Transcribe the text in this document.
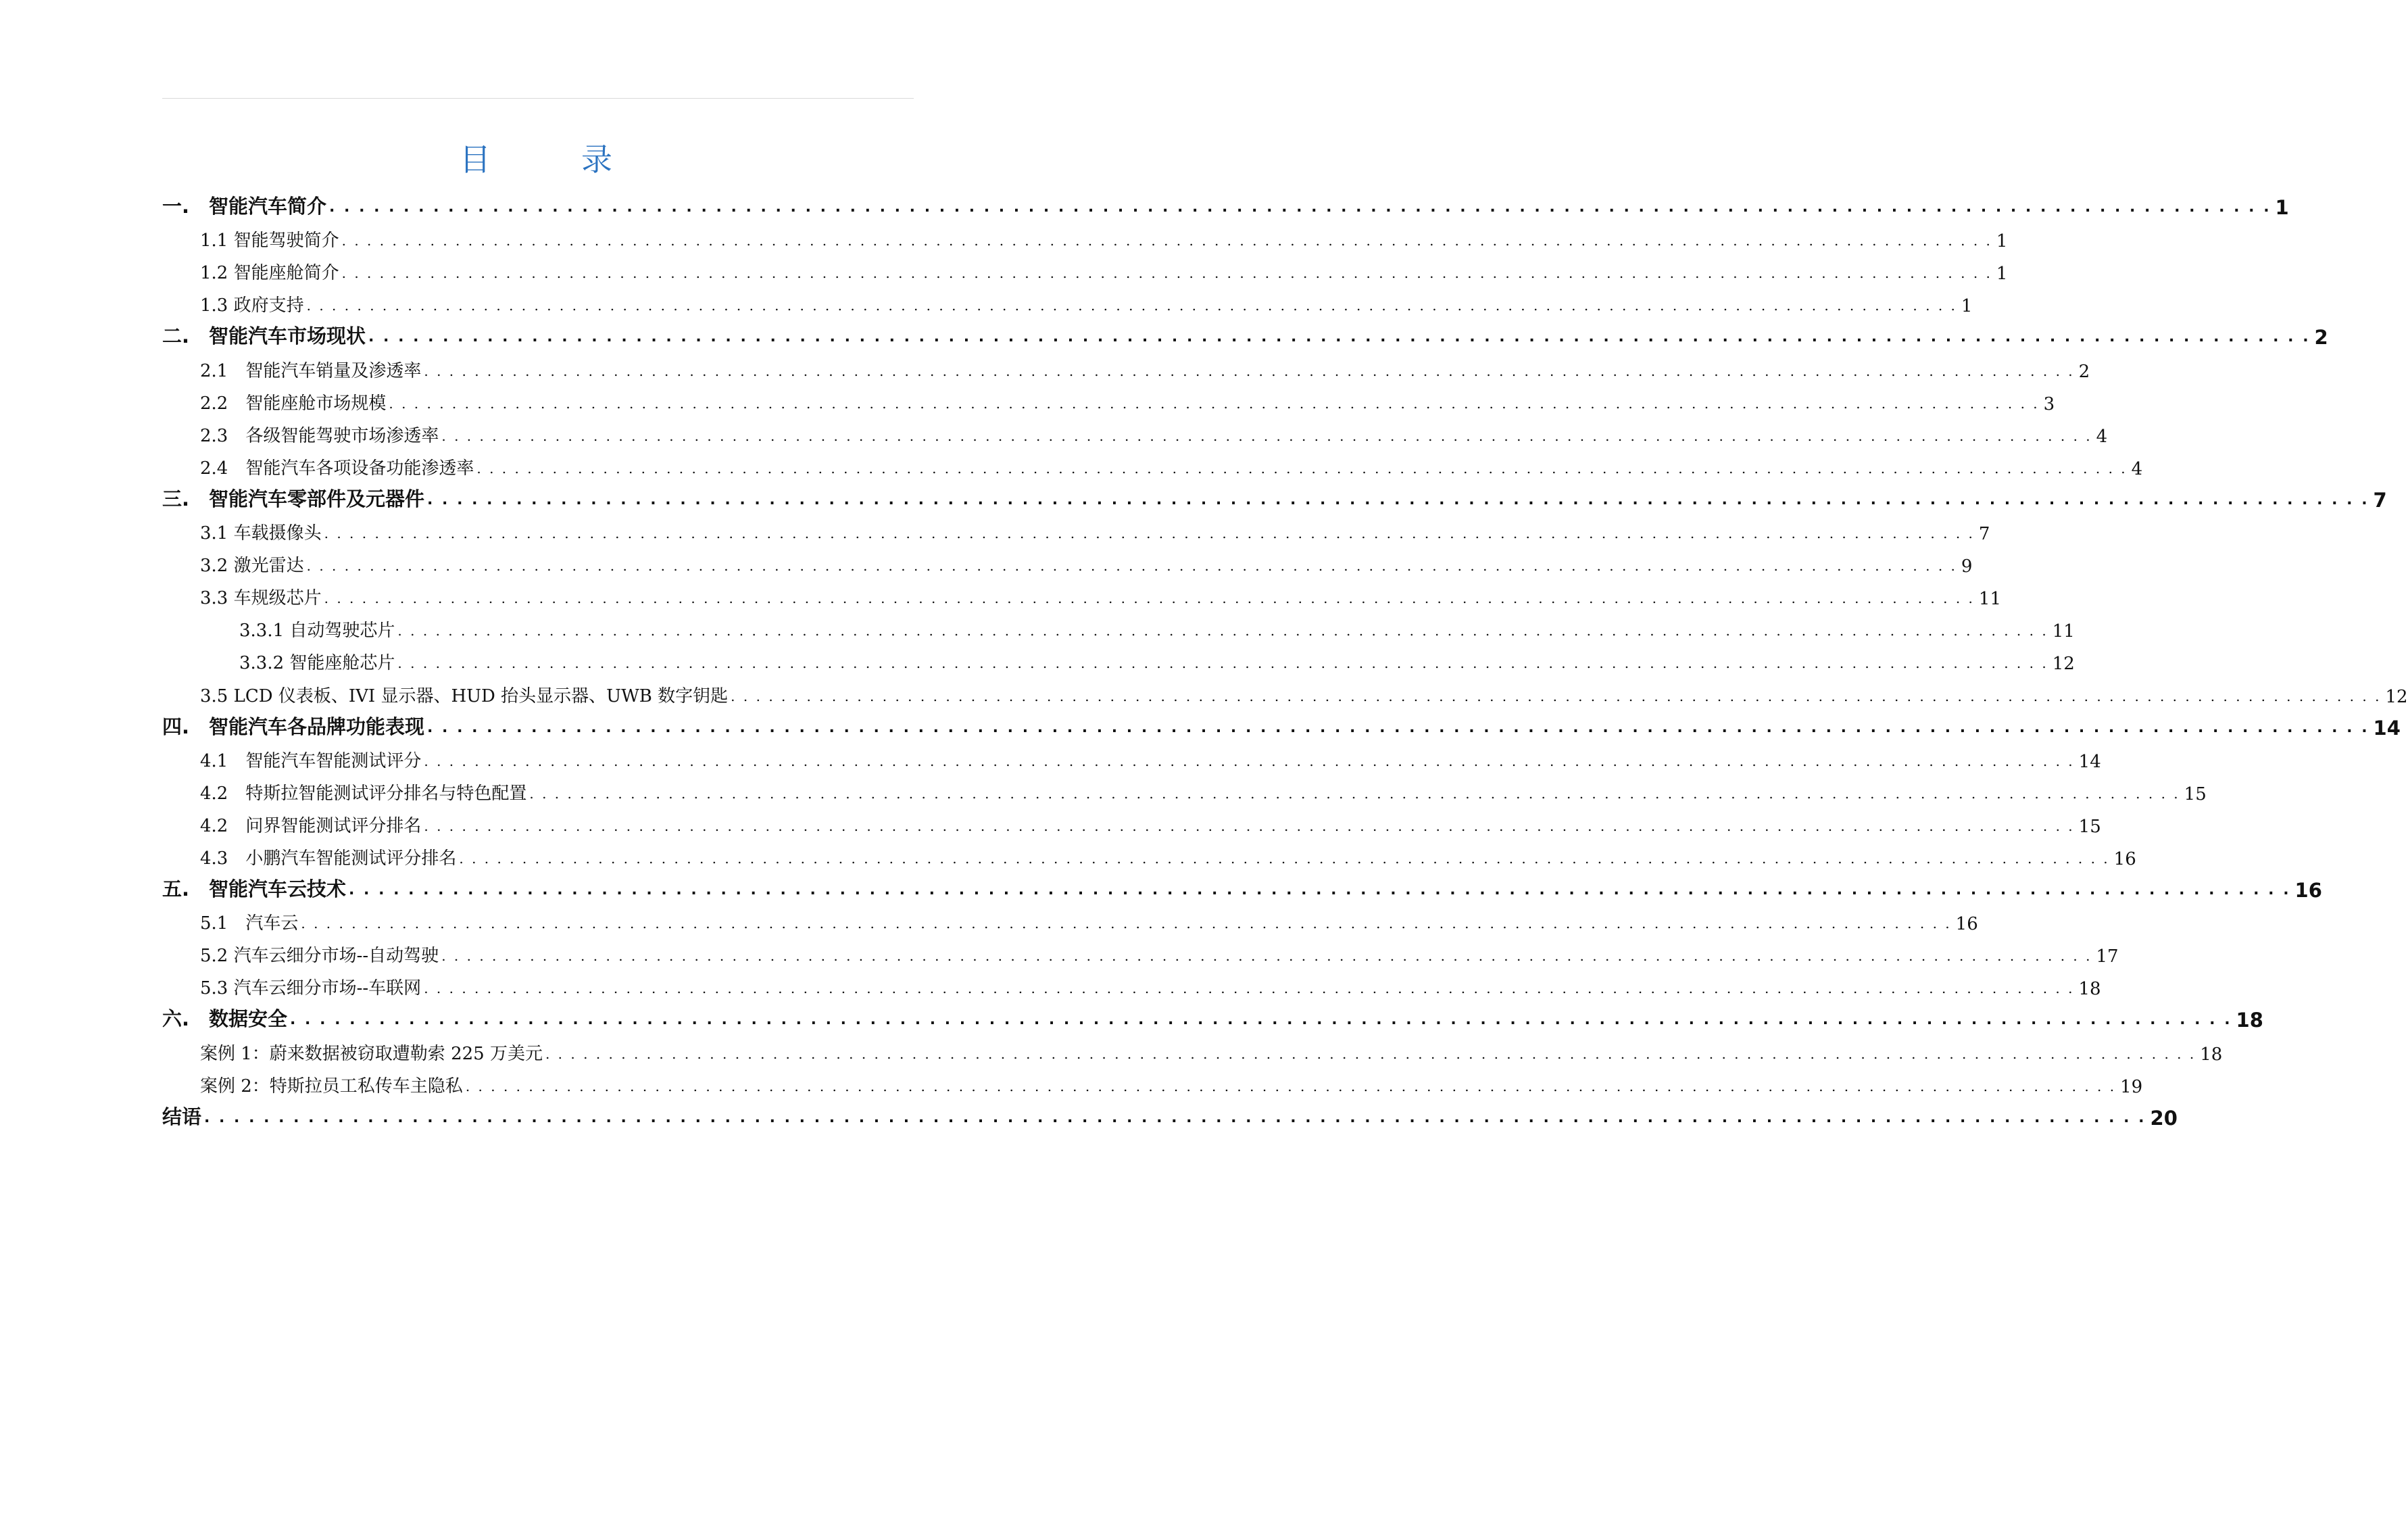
目　录
一.　智能汽车简介 . . . . . . . . . . . . . . . . . . . . . . . . . . . . . . . . . . . . . . . . . . . . . . . . . . . . . . . . . . . . . . . . . . . . . . . . . . . . . . . . . . . . . . . . . . . . . . . . . . . . . . . . . . . . . . . . . . . . . . . . . . . . . . . . . . . 1
1.1 智能驾驶简介 . . . . . . . . . . . . . . . . . . . . . . . . . . . . . . . . . . . . . . . . . . . . . . . . . . . . . . . . . . . . . . . . . . . . . . . . . . . . . . . . . . . . . . . . . . . . . . . . . . . . . . . . . . . . . . . . . . . . . . . . . . . . . . . . . . . 1
1.2 智能座舱简介 . . . . . . . . . . . . . . . . . . . . . . . . . . . . . . . . . . . . . . . . . . . . . . . . . . . . . . . . . . . . . . . . . . . . . . . . . . . . . . . . . . . . . . . . . . . . . . . . . . . . . . . . . . . . . . . . . . . . . . . . . . . . . . . . . . . 1
1.3 政府支持 . . . . . . . . . . . . . . . . . . . . . . . . . . . . . . . . . . . . . . . . . . . . . . . . . . . . . . . . . . . . . . . . . . . . . . . . . . . . . . . . . . . . . . . . . . . . . . . . . . . . . . . . . . . . . . . . . . . . . . . . . . . . . . . . . . . 1
二.　智能汽车市场现状 . . . . . . . . . . . . . . . . . . . . . . . . . . . . . . . . . . . . . . . . . . . . . . . . . . . . . . . . . . . . . . . . . . . . . . . . . . . . . . . . . . . . . . . . . . . . . . . . . . . . . . . . . . . . . . . . . . . . . . . . . . . . . . . . . . . 2
2.1　智能汽车销量及渗透率 . . . . . . . . . . . . . . . . . . . . . . . . . . . . . . . . . . . . . . . . . . . . . . . . . . . . . . . . . . . . . . . . . . . . . . . . . . . . . . . . . . . . . . . . . . . . . . . . . . . . . . . . . . . . . . . . . . . . . . . . . . . . . . . . . . . 2
2.2　智能座舱市场规模 . . . . . . . . . . . . . . . . . . . . . . . . . . . . . . . . . . . . . . . . . . . . . . . . . . . . . . . . . . . . . . . . . . . . . . . . . . . . . . . . . . . . . . . . . . . . . . . . . . . . . . . . . . . . . . . . . . . . . . . . . . . . . . . . . . . 3
2.3　各级智能驾驶市场渗透率 . . . . . . . . . . . . . . . . . . . . . . . . . . . . . . . . . . . . . . . . . . . . . . . . . . . . . . . . . . . . . . . . . . . . . . . . . . . . . . . . . . . . . . . . . . . . . . . . . . . . . . . . . . . . . . . . . . . . . . . . . . . . . . . . . . . 4
2.4　智能汽车各项设备功能渗透率 . . . . . . . . . . . . . . . . . . . . . . . . . . . . . . . . . . . . . . . . . . . . . . . . . . . . . . . . . . . . . . . . . . . . . . . . . . . . . . . . . . . . . . . . . . . . . . . . . . . . . . . . . . . . . . . . . . . . . . . . . . . . . . . . . . . 4
三.　智能汽车零部件及元器件 . . . . . . . . . . . . . . . . . . . . . . . . . . . . . . . . . . . . . . . . . . . . . . . . . . . . . . . . . . . . . . . . . . . . . . . . . . . . . . . . . . . . . . . . . . . . . . . . . . . . . . . . . . . . . . . . . . . . . . . . . . . . . . . . . . . 7
3.1 车载摄像头 . . . . . . . . . . . . . . . . . . . . . . . . . . . . . . . . . . . . . . . . . . . . . . . . . . . . . . . . . . . . . . . . . . . . . . . . . . . . . . . . . . . . . . . . . . . . . . . . . . . . . . . . . . . . . . . . . . . . . . . . . . . . . . . . . . . 7
3.2 激光雷达 . . . . . . . . . . . . . . . . . . . . . . . . . . . . . . . . . . . . . . . . . . . . . . . . . . . . . . . . . . . . . . . . . . . . . . . . . . . . . . . . . . . . . . . . . . . . . . . . . . . . . . . . . . . . . . . . . . . . . . . . . . . . . . . . . . . 9
3.3 车规级芯片 . . . . . . . . . . . . . . . . . . . . . . . . . . . . . . . . . . . . . . . . . . . . . . . . . . . . . . . . . . . . . . . . . . . . . . . . . . . . . . . . . . . . . . . . . . . . . . . . . . . . . . . . . . . . . . . . . . . . . . . . . . . . . . . . . . . 11
3.3.1 自动驾驶芯片 . . . . . . . . . . . . . . . . . . . . . . . . . . . . . . . . . . . . . . . . . . . . . . . . . . . . . . . . . . . . . . . . . . . . . . . . . . . . . . . . . . . . . . . . . . . . . . . . . . . . . . . . . . . . . . . . . . . . . . . . . . . . . . . . . . . 11
3.3.2 智能座舱芯片 . . . . . . . . . . . . . . . . . . . . . . . . . . . . . . . . . . . . . . . . . . . . . . . . . . . . . . . . . . . . . . . . . . . . . . . . . . . . . . . . . . . . . . . . . . . . . . . . . . . . . . . . . . . . . . . . . . . . . . . . . . . . . . . . . . . 12
3.5 LCD 仪表板、IVI 显示器、HUD 抬头显示器、UWB 数字钥匙 . . . . . . . . . . . . . . . . . . . . . . . . . . . . . . . . . . . . . . . . . . . . . . . . . . . . . . . . . . . . . . . . . . . . . . . . . . . . . . . . . . . . . . . . . . . . . . . . . . . . . . . . . . . . . . . . . . . . . . . . . . . . . . . . . . . 12
四.　智能汽车各品牌功能表现 . . . . . . . . . . . . . . . . . . . . . . . . . . . . . . . . . . . . . . . . . . . . . . . . . . . . . . . . . . . . . . . . . . . . . . . . . . . . . . . . . . . . . . . . . . . . . . . . . . . . . . . . . . . . . . . . . . . . . . . . . . . . . . . . . . . 14
4.1　智能汽车智能测试评分 . . . . . . . . . . . . . . . . . . . . . . . . . . . . . . . . . . . . . . . . . . . . . . . . . . . . . . . . . . . . . . . . . . . . . . . . . . . . . . . . . . . . . . . . . . . . . . . . . . . . . . . . . . . . . . . . . . . . . . . . . . . . . . . . . . . 14
4.2　特斯拉智能测试评分排名与特色配置 . . . . . . . . . . . . . . . . . . . . . . . . . . . . . . . . . . . . . . . . . . . . . . . . . . . . . . . . . . . . . . . . . . . . . . . . . . . . . . . . . . . . . . . . . . . . . . . . . . . . . . . . . . . . . . . . . . . . . . . . . . . . . . . . . . . 15
4.2　问界智能测试评分排名 . . . . . . . . . . . . . . . . . . . . . . . . . . . . . . . . . . . . . . . . . . . . . . . . . . . . . . . . . . . . . . . . . . . . . . . . . . . . . . . . . . . . . . . . . . . . . . . . . . . . . . . . . . . . . . . . . . . . . . . . . . . . . . . . . . . 15
4.3　小鹏汽车智能测试评分排名 . . . . . . . . . . . . . . . . . . . . . . . . . . . . . . . . . . . . . . . . . . . . . . . . . . . . . . . . . . . . . . . . . . . . . . . . . . . . . . . . . . . . . . . . . . . . . . . . . . . . . . . . . . . . . . . . . . . . . . . . . . . . . . . . . . . 16
五.　智能汽车云技术 . . . . . . . . . . . . . . . . . . . . . . . . . . . . . . . . . . . . . . . . . . . . . . . . . . . . . . . . . . . . . . . . . . . . . . . . . . . . . . . . . . . . . . . . . . . . . . . . . . . . . . . . . . . . . . . . . . . . . . . . . . . . . . . . . . . 16
5.1　汽车云 . . . . . . . . . . . . . . . . . . . . . . . . . . . . . . . . . . . . . . . . . . . . . . . . . . . . . . . . . . . . . . . . . . . . . . . . . . . . . . . . . . . . . . . . . . . . . . . . . . . . . . . . . . . . . . . . . . . . . . . . . . . . . . . . . . . 16
5.2 汽车云细分市场--自动驾驶 . . . . . . . . . . . . . . . . . . . . . . . . . . . . . . . . . . . . . . . . . . . . . . . . . . . . . . . . . . . . . . . . . . . . . . . . . . . . . . . . . . . . . . . . . . . . . . . . . . . . . . . . . . . . . . . . . . . . . . . . . . . . . . . . . . . 17
5.3 汽车云细分市场--车联网 . . . . . . . . . . . . . . . . . . . . . . . . . . . . . . . . . . . . . . . . . . . . . . . . . . . . . . . . . . . . . . . . . . . . . . . . . . . . . . . . . . . . . . . . . . . . . . . . . . . . . . . . . . . . . . . . . . . . . . . . . . . . . . . . . . . 18
六.　数据安全 . . . . . . . . . . . . . . . . . . . . . . . . . . . . . . . . . . . . . . . . . . . . . . . . . . . . . . . . . . . . . . . . . . . . . . . . . . . . . . . . . . . . . . . . . . . . . . . . . . . . . . . . . . . . . . . . . . . . . . . . . . . . . . . . . . . 18
案例 1：蔚来数据被窃取遭勒索 225 万美元 . . . . . . . . . . . . . . . . . . . . . . . . . . . . . . . . . . . . . . . . . . . . . . . . . . . . . . . . . . . . . . . . . . . . . . . . . . . . . . . . . . . . . . . . . . . . . . . . . . . . . . . . . . . . . . . . . . . . . . . . . . . . . . . . . . . 18
案例 2：特斯拉员工私传车主隐私 . . . . . . . . . . . . . . . . . . . . . . . . . . . . . . . . . . . . . . . . . . . . . . . . . . . . . . . . . . . . . . . . . . . . . . . . . . . . . . . . . . . . . . . . . . . . . . . . . . . . . . . . . . . . . . . . . . . . . . . . . . . . . . . . . . . 19
结语 . . . . . . . . . . . . . . . . . . . . . . . . . . . . . . . . . . . . . . . . . . . . . . . . . . . . . . . . . . . . . . . . . . . . . . . . . . . . . . . . . . . . . . . . . . . . . . . . . . . . . . . . . . . . . . . . . . . . . . . . . . . . . . . . . . . 20
